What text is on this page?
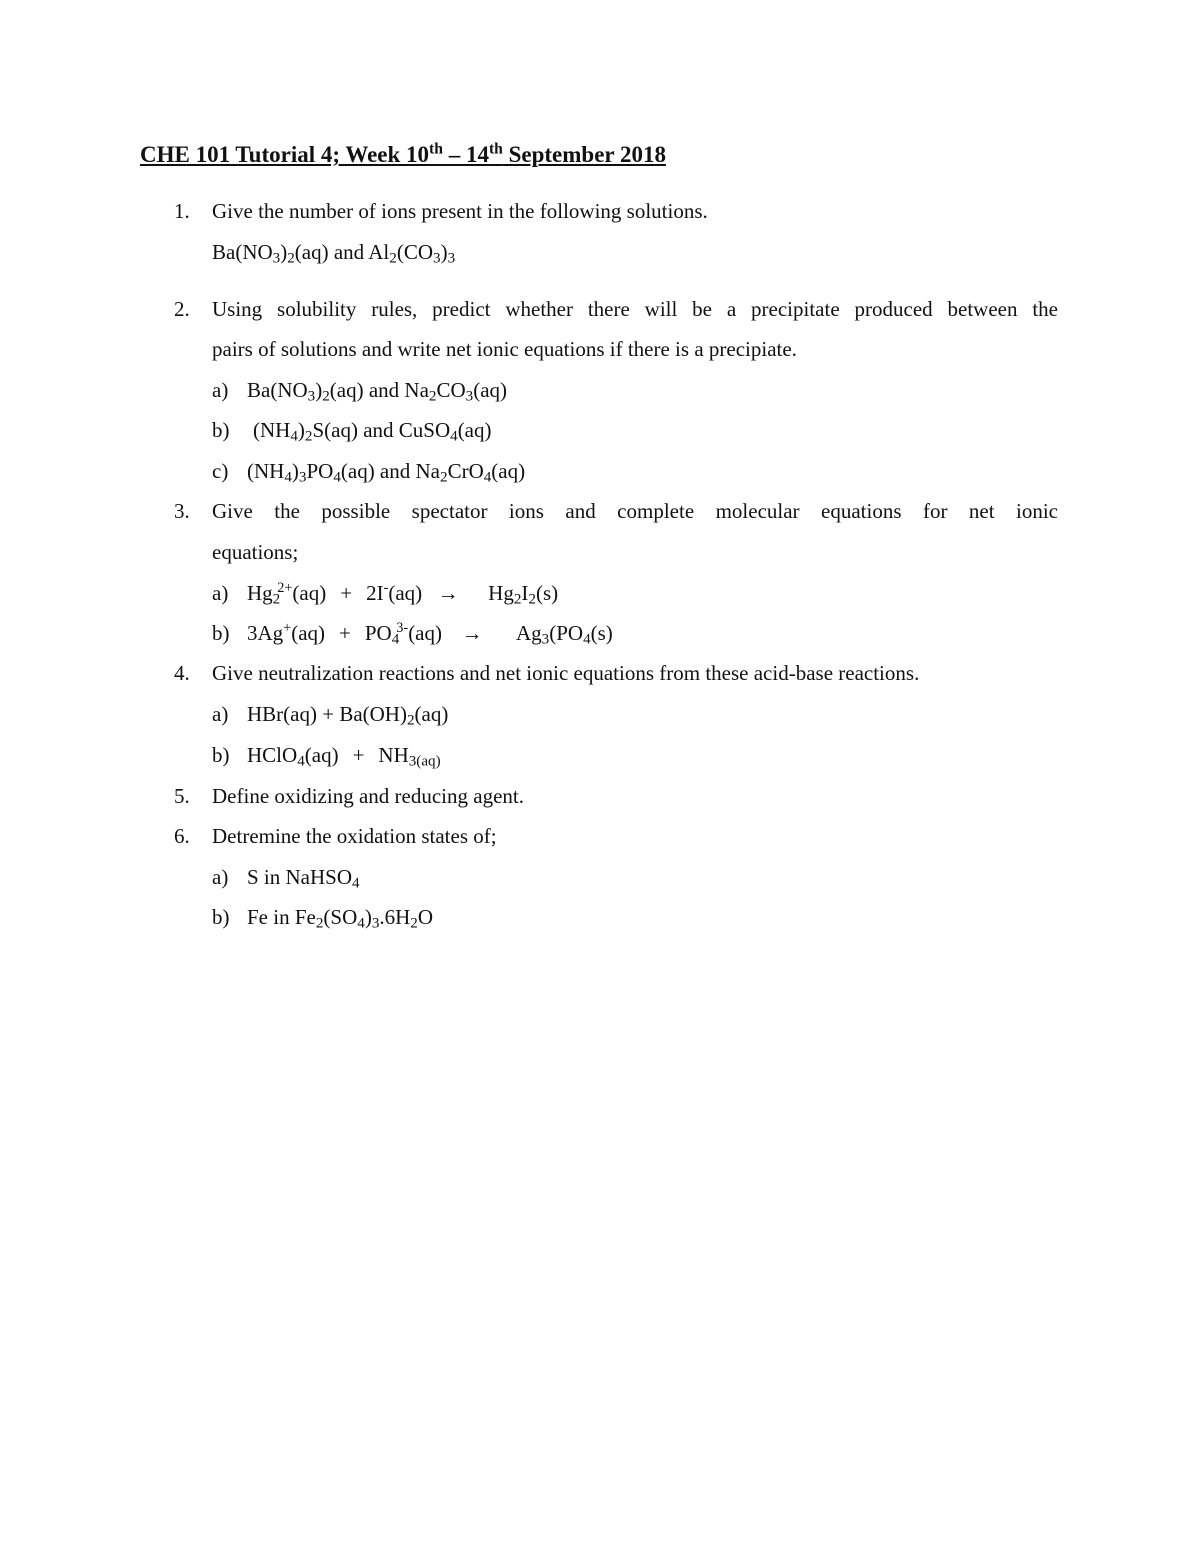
CHE 101 Tutorial 4; Week 10th – 14th September 2018
1. Give the number of ions present in the following solutions.
$Ba(NO_3)_2(aq)$ and $Al_2(CO_3)_3$
2. Using solubility rules, predict whether there will be a precipitate produced between the
pairs of solutions and write net ionic equations if there is a precipiate.
a) $Ba(NO_3)_2(aq)$ and $Na_2CO_3(aq)$
b) $(NH_4)_2S(aq)$ and CuSO$_4$(aq)
c) $(NH_4)_3PO_4(aq)$ and $Na_2CrO_4(aq)$
3. Give the possible spectator ions and complete molecular equations for net ionic
equations;
a) $Hg_2^{2+}(aq) + 2I^-(aq) \to Hg_2I_2(s)$
b) $3Ag^+(aq) + PO_4^{3-}(aq) \to Ag_3(PO_4(s)$
4. Give neutralization reactions and net ionic equations from these acid-base reactions.
a) $HBr(aq) + Ba(OH)_2(aq)$
b) HClO$_4$(aq) + $NH_{3(aq)}$
5. Define oxidizing and reducing agent.
6. Detremine the oxidation states of;
a) S in NaHSO$_4$
b) Fe in $Fe_2(SO_4)_3.6H_2O$
